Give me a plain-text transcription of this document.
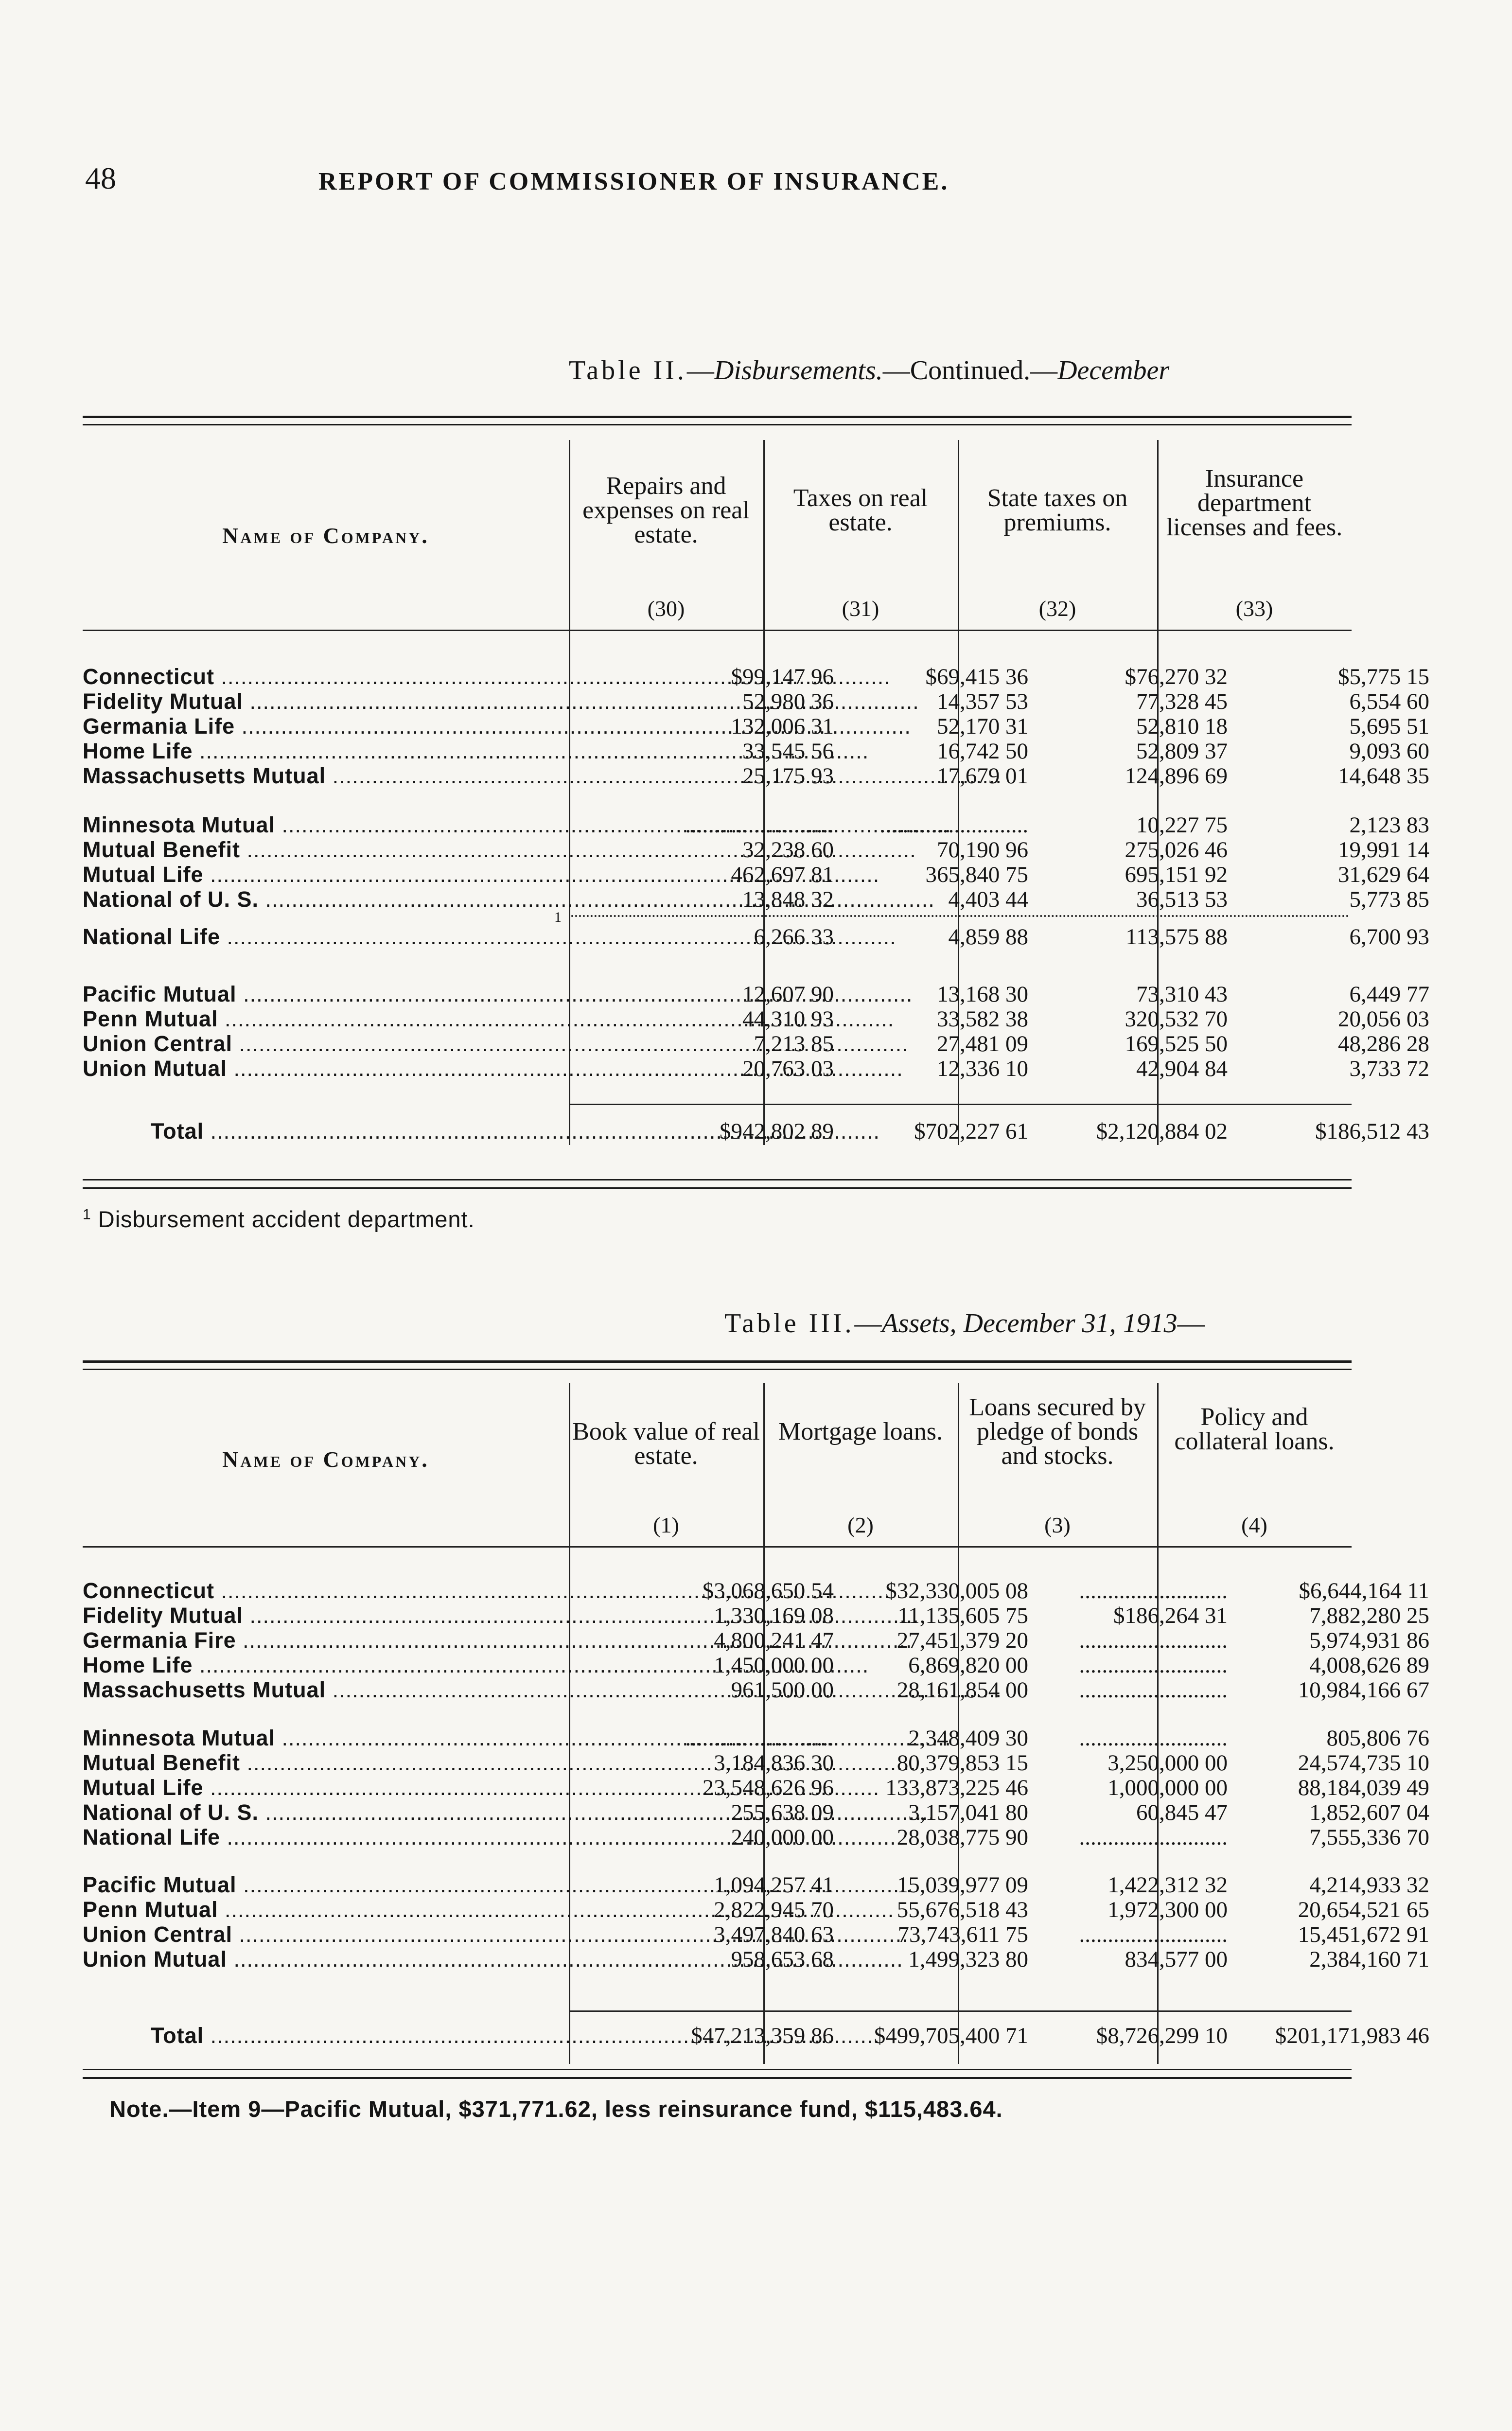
48	REPORT OF COMMISSIONER OF INSURANCE.
Table II.—Disbursements.—Continued.—December
Name of Company.
Repairs and expenses on real estate.
Taxes on real estate.
State taxes on premiums.
Insurance department licenses and fees.
(30)	(31)	(32)	(33)
Connecticut .....	$99,147 96	$69,415 36	$76,270 32	$5,775 15
Fidelity Mutual .....	52,980 36	14,357 53	77,328 45	6,554 60
Germania Life .....	132,006 31	52,170 31	52,810 18	5,695 51
Home Life .....	33,545 56	16,742 50	52,809 37	9,093 60
Massachusetts Mutual .....	25,175 93	17,679 01	124,896 69	14,648 35
Minnesota Mutual .....	..........................	..........................	10,227 75	2,123 83
Mutual Benefit .....	32,238 60	70,190 96	275,026 46	19,991 14
Mutual Life .....	462,697 81	365,840 75	695,151 92	31,629 64
National of U. S. .....	13,848 32	4,403 44	36,513 53	5,773 85
National Life .....	6,266 33	4,859 88	113,575 88	6,700 93
1
Pacific Mutual .....	12,607 90	13,168 30	73,310 43	6,449 77
Penn Mutual .....	44,310 93	33,582 38	320,532 70	20,056 03
Union Central .....	7,213 85	27,481 09	169,525 50	48,286 28
Union Mutual .....	20,763 03	12,336 10	42,904 84	3,733 72
Total .....	$942,802 89	$702,227 61	$2,120,884 02	$186,512 43
$^1$ Disbursement accident department.
Table III.—Assets, December 31, 1913—
Name of Company.
Book value of real estate.
Mortgage loans.
Loans secured by pledge of bonds and stocks.
Policy and collateral loans.
(1)	(2)	(3)	(4)
Connecticut .....	$3,068,650 54	$32,330,005 08	..........................	$6,644,164 11
Fidelity Mutual .....	1,330,169 08	11,135,605 75	$186,264 31	7,882,280 25
Germania Fire .....	4,800,241 47	27,451,379 20	..........................	5,974,931 86
Home Life .....	1,450,000 00	6,869,820 00	..........................	4,008,626 89
Massachusetts Mutual .....	961,500 00	28,161,854 00	..........................	10,984,166 67
Minnesota Mutual .....	..........................	2,348,409 30	..........................	805,806 76
Mutual Benefit .....	3,184,836 30	80,379,853 15	3,250,000 00	24,574,735 10
Mutual Life .....	23,548,626 96	133,873,225 46	1,000,000 00	88,184,039 49
National of U. S. .....	255,638 09	3,157,041 80	60,845 47	1,852,607 04
National Life .....	240,000 00	28,038,775 90	..........................	7,555,336 70
Pacific Mutual .....	1,094,257 41	15,039,977 09	1,422,312 32	4,214,933 32
Penn Mutual .....	2,822,945 70	55,676,518 43	1,972,300 00	20,654,521 65
Union Central .....	3,497,840 63	73,743,611 75	..........................	15,451,672 91
Union Mutual .....	958,653 68	1,499,323 80	834,577 00	2,384,160 71
Total .....	$47,213,359 86	$499,705,400 71	$8,726,299 10	$201,171,983 46
Note.—Item 9—Pacific Mutual, $371,771.62, less reinsurance fund, $115,483.64.
